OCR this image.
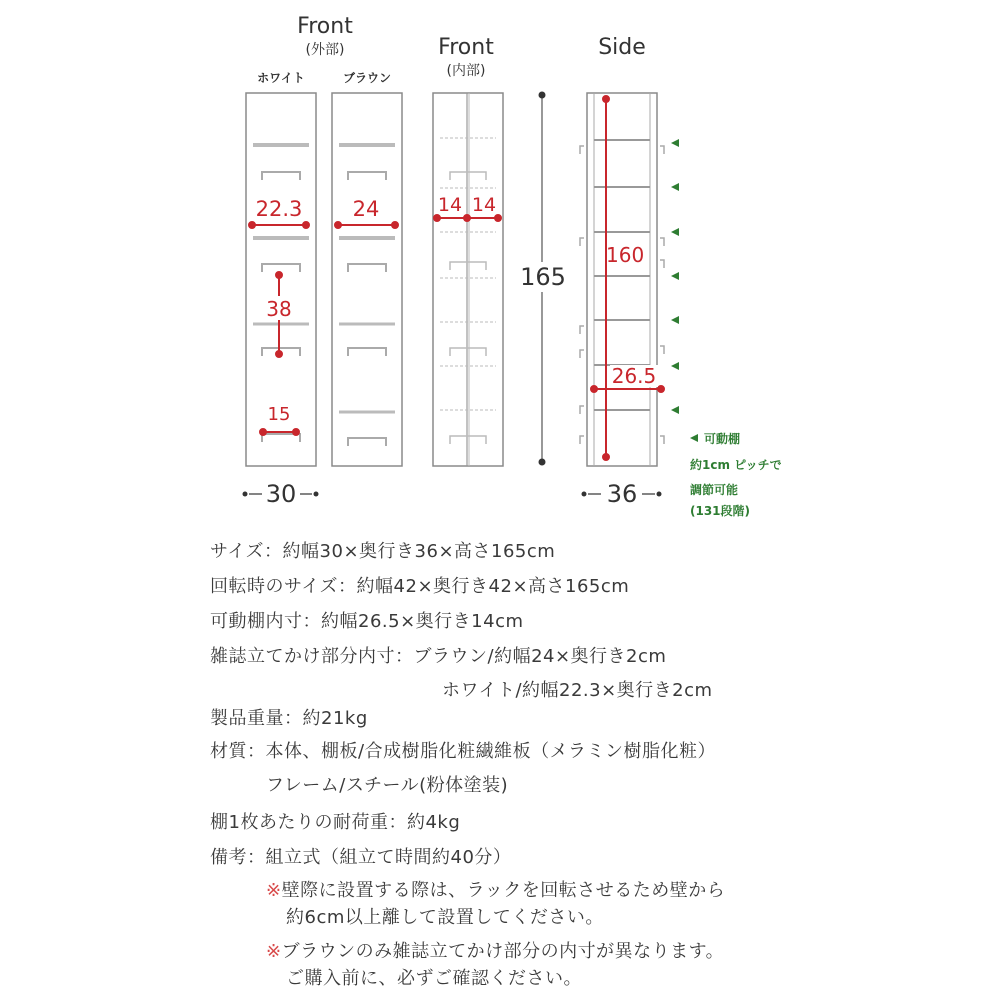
Front
(外部)
ホワイト	ブラウン
Front
(内部)
Side
165
22.3 24	14 14
38
15
160
26.5
30	36
可動棚
約1cm ピッチで
調節可能
(131段階)
サイズ：約幅30×奥行き36×高さ165cm
回転時のサイズ：約幅42×奥行き42×高さ165cm
可動棚内寸：約幅26.5×奥行き14cm
雑誌立てかけ部分内寸：ブラウン/約幅24×奥行き2cm
ホワイト/約幅22.3×奥行き2cm
製品重量：約21kg
材質：本体、棚板/合成樹脂化粧繊維板（メラミン樹脂化粧）
フレーム/スチール(粉体塗装)
棚1枚あたりの耐荷重：約4kg
備考：組立式（組立て時間約40分）
※壁際に設置する際は、ラックを回転させるため壁から
約6cm以上離して設置してください。
※ブラウンのみ雑誌立てかけ部分の内寸が異なります。
ご購入前に、必ずご確認ください。
